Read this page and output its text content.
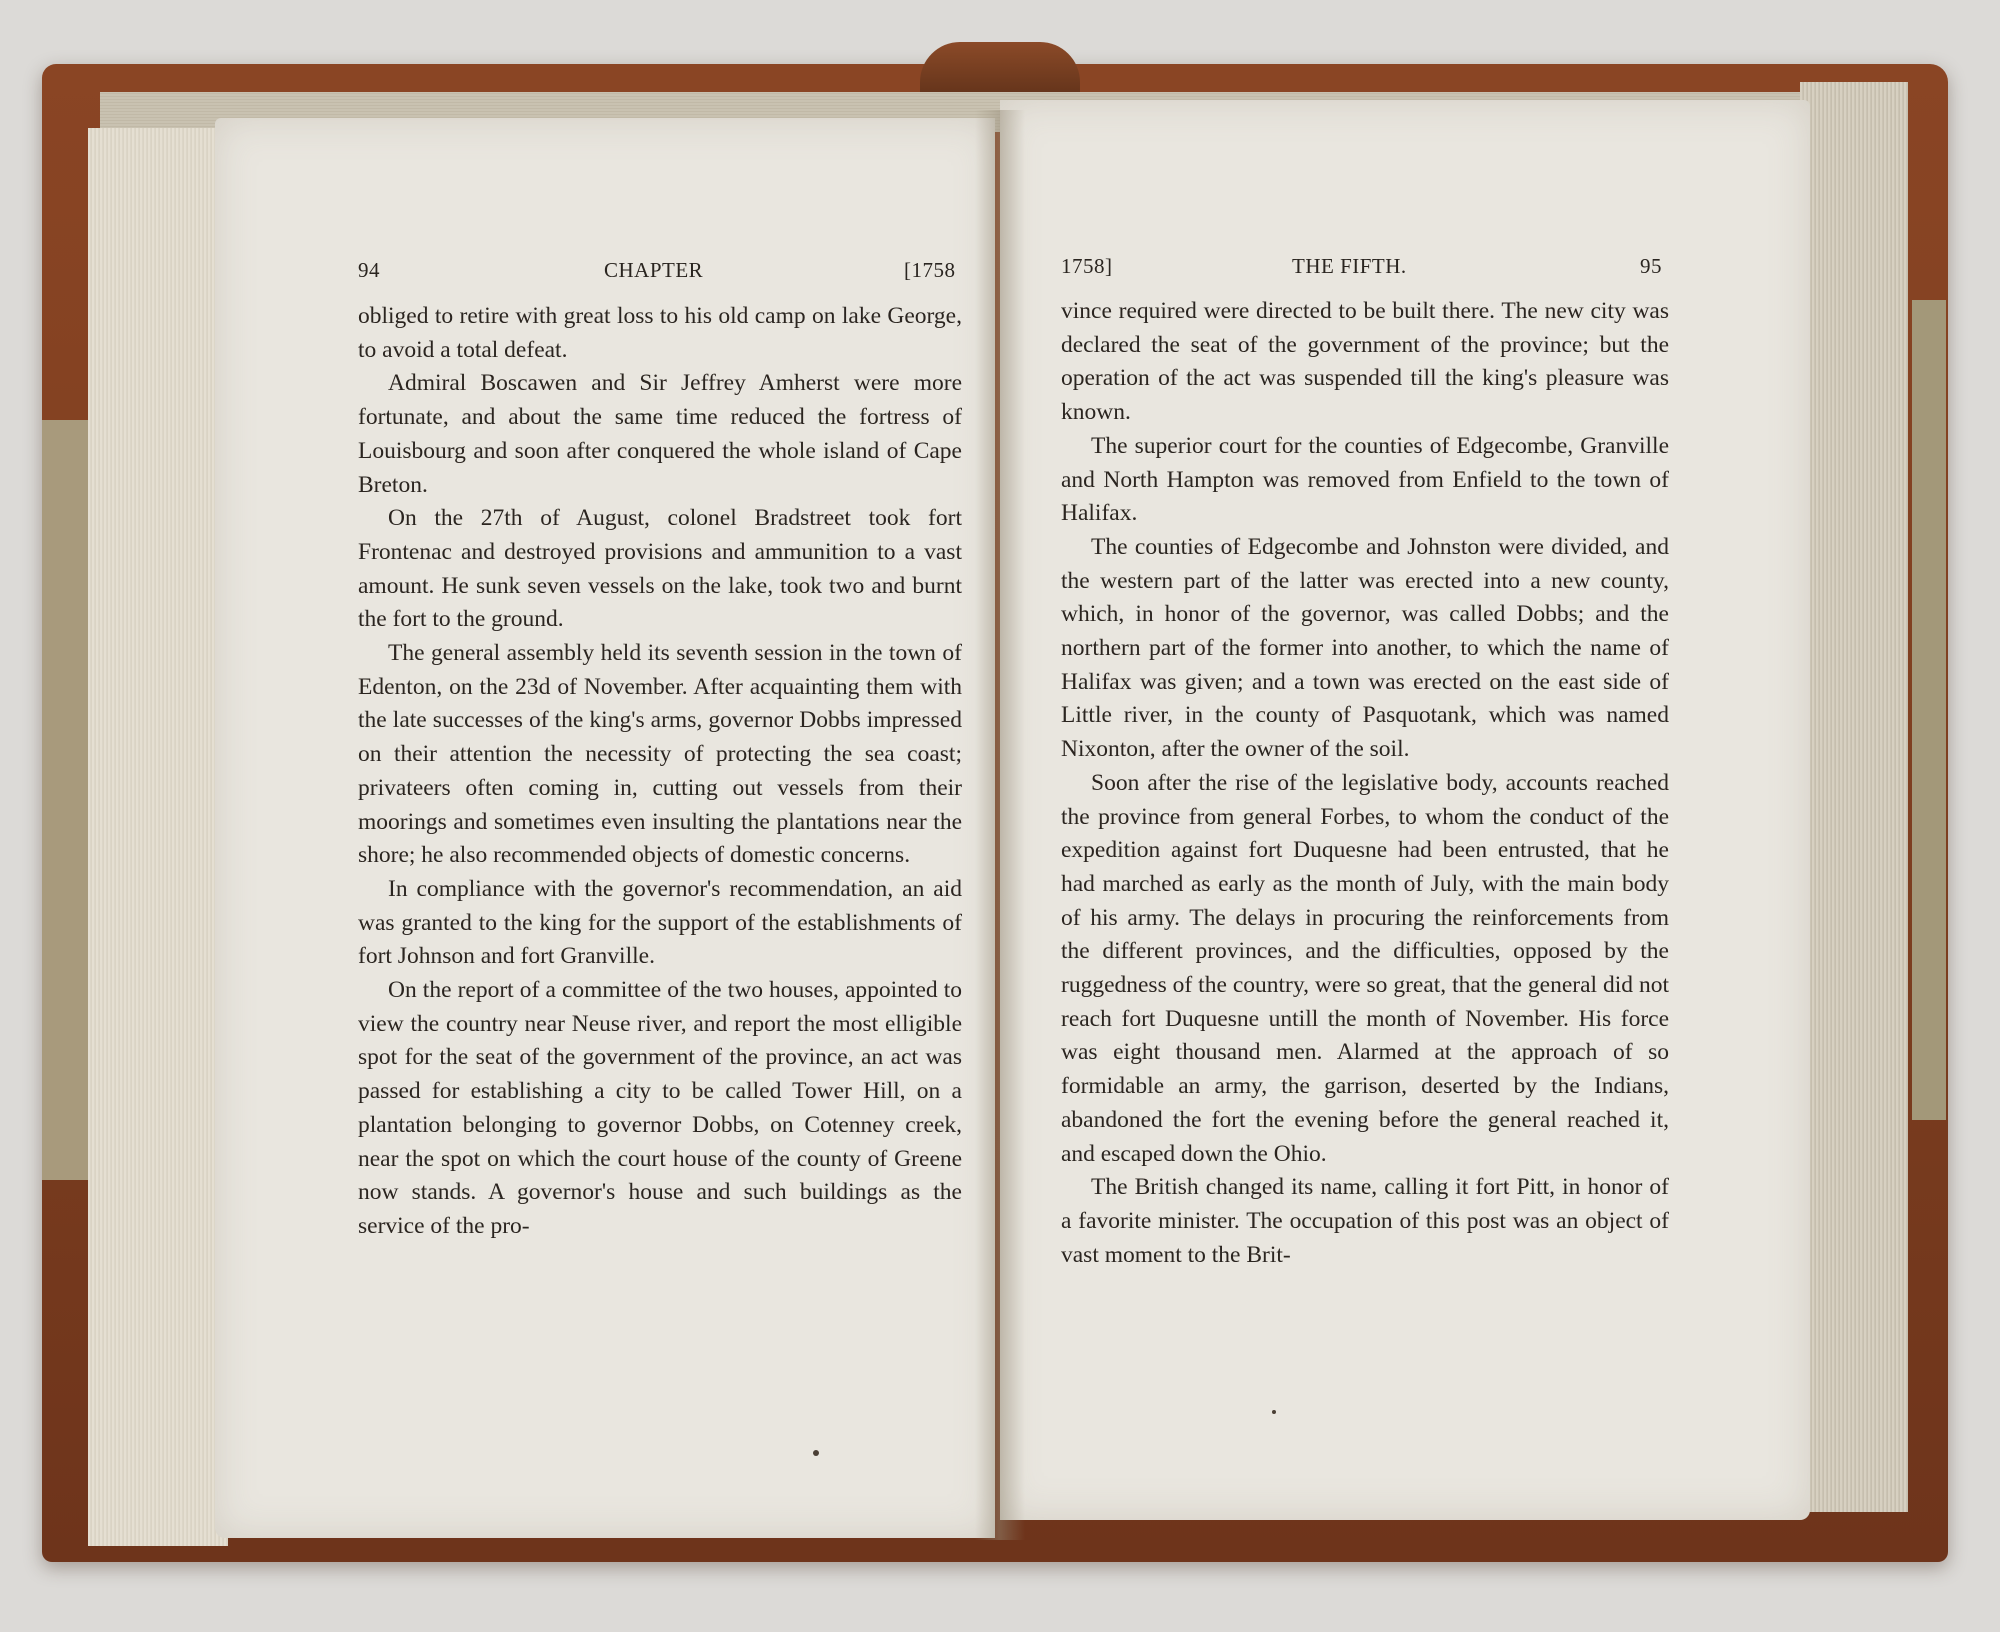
94	CHAPTER	[1758	1758]	THE FIFTH.	95

obliged to retire with great loss to his old camp on lake George, to avoid a total defeat.

Admiral Boscawen and Sir Jeffrey Amherst were more fortunate, and about the same time reduced the fortress of Louisbourg and soon after conquered the whole island of Cape Breton.

On the 27th of August, colonel Bradstreet took fort Frontenac and destroyed provisions and ammunition to a vast amount. He sunk seven vessels on the lake, took two and burnt the fort to the ground.

The general assembly held its seventh session in the town of Edenton, on the 23d of November. After acquainting them with the late successes of the king's arms, governor Dobbs impressed on their attention the necessity of protecting the sea coast; privateers often coming in, cutting out vessels from their moorings and sometimes even insulting the plantations near the shore; he also recommended objects of domestic concerns.

In compliance with the governor's recommendation, an aid was granted to the king for the support of the establishments of fort Johnson and fort Granville.

On the report of a committee of the two houses, appointed to view the country near Neuse river, and report the most elligible spot for the seat of the government of the province, an act was passed for establishing a city to be called Tower Hill, on a plantation belonging to governor Dobbs, on Cotenney creek, near the spot on which the court house of the county of Greene now stands. A governor's house and such buildings as the service of the pro-

vince required were directed to be built there. The new city was declared the seat of the government of the province; but the operation of the act was suspended till the king's pleasure was known.

The superior court for the counties of Edgecombe, Granville and North Hampton was removed from Enfield to the town of Halifax.

The counties of Edgecombe and Johnston were divided, and the western part of the latter was erected into a new county, which, in honor of the governor, was called Dobbs; and the northern part of the former into another, to which the name of Halifax was given; and a town was erected on the east side of Little river, in the county of Pasquotank, which was named Nixonton, after the owner of the soil.

Soon after the rise of the legislative body, accounts reached the province from general Forbes, to whom the conduct of the expedition against fort Duquesne had been entrusted, that he had marched as early as the month of July, with the main body of his army. The delays in procuring the reinforcements from the different provinces, and the difficulties, opposed by the ruggedness of the country, were so great, that the general did not reach fort Duquesne untill the month of November. His force was eight thousand men. Alarmed at the approach of so formidable an army, the garrison, deserted by the Indians, abandoned the fort the evening before the general reached it, and escaped down the Ohio.

The British changed its name, calling it fort Pitt, in honor of a favorite minister. The occupation of this post was an object of vast moment to the Brit-
